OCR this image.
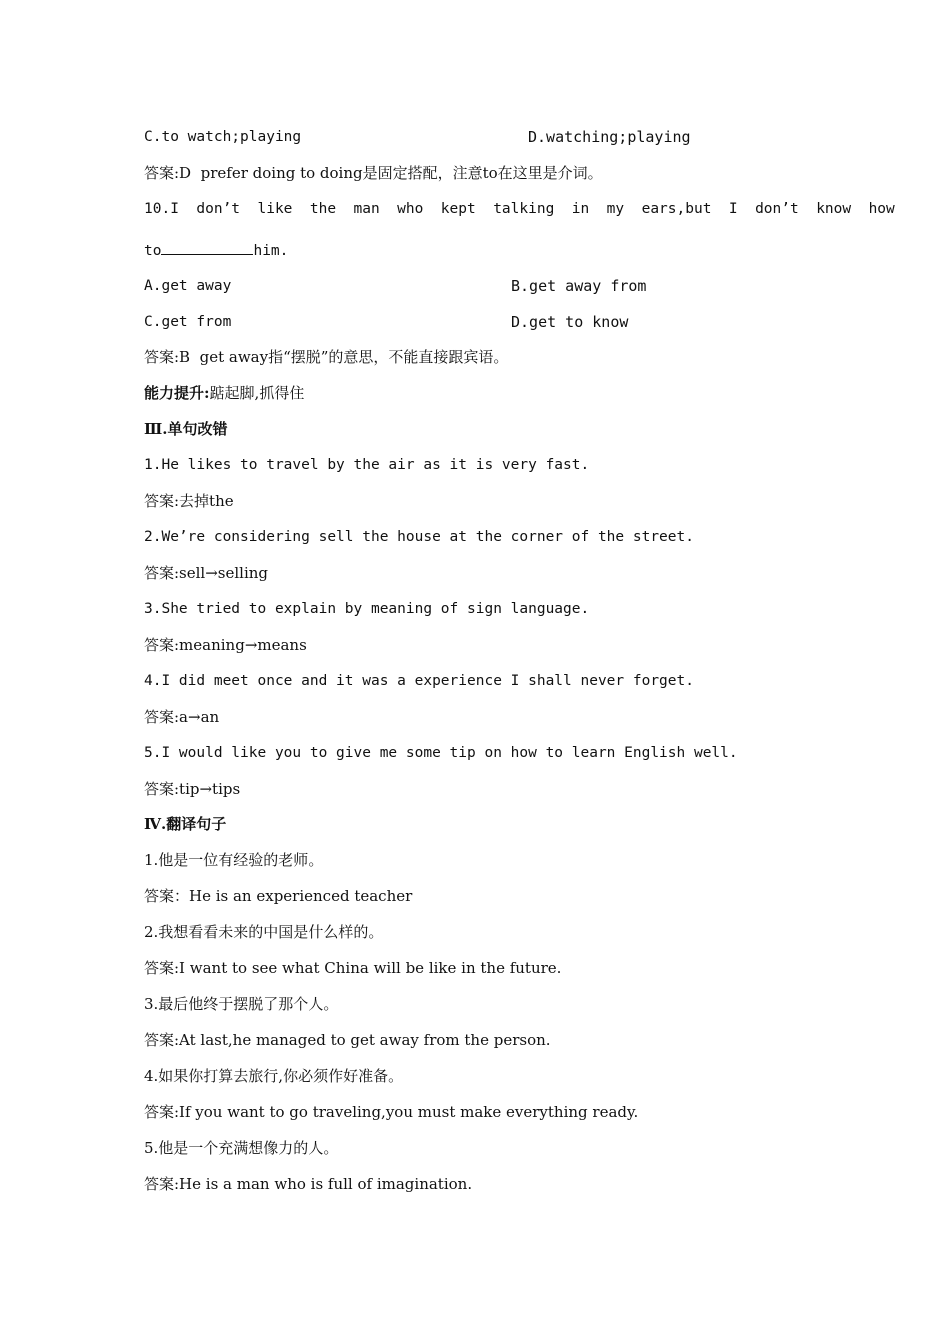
C.to watch;playing	D.watching;playing
答案:D  prefer doing to doing是固定搭配，注意to在这里是介词。
10.I  don’t  like  the  man  who  kept  talking  in  my  ears,but  I  don’t  know  how
to	him.
A.get away	B.get away from
C.get from	D.get to know
答案:B  get away指“摆脱”的意思，不能直接跟宾语。
能力提升:踮起脚,抓得住
Ⅲ.单句改错
1.He likes to travel by the air as it is very fast.
答案:去掉the
2.We’re considering sell the house at the corner of the street.
答案:sell→selling
3.She tried to explain by meaning of sign language.
答案:meaning→means
4.I did meet once and it was a experience I shall never forget.
答案:a→an
5.I would like you to give me some tip on how to learn English well.
答案:tip→tips
Ⅳ.翻译句子
1.他是一位有经验的老师。
答案：He is an experienced teacher
2.我想看看未来的中国是什么样的。
答案:I want to see what China will be like in the future.
3.最后他终于摆脱了那个人。
答案:At last,he managed to get away from the person.
4.如果你打算去旅行,你必须作好准备。
答案:If you want to go traveling,you must make everything ready.
5.他是一个充满想像力的人。
答案:He is a man who is full of imagination.
